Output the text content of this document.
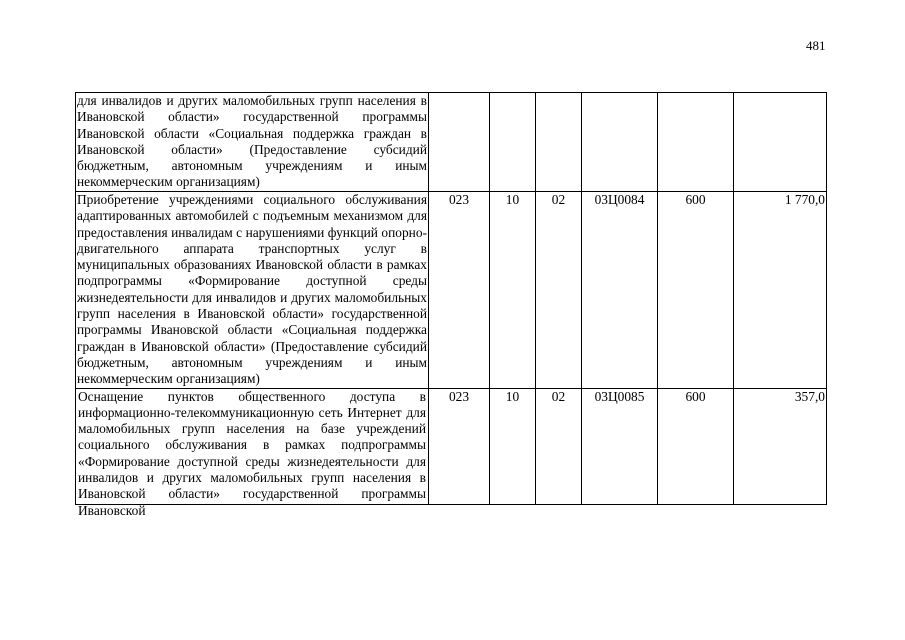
481
для инвалидов и других маломобильных групп населения в Ивановской области» государственной программы Ивановской области «Социальная поддержка граждан в Ивановской области» (Предоставление субсидий бюджетным, автономным учреждениям и иным некоммерческим организациям)						
Приобретение учреждениями социального обслуживания адаптированных автомобилей с подъемным механизмом для предоставления инвалидам с нарушениями функций опорно-двигательного аппарата транспортных услуг в муниципальных образованиях Ивановской области в рамках подпрограммы «Формирование доступной среды жизнедеятельности для инвалидов и других маломобильных групп населения в Ивановской области» государственной программы Ивановской области «Социальная поддержка граждан в Ивановской области» (Предоставление субсидий бюджетным, автономным учреждениям и иным некоммерческим организациям)	023	10	02	03Ц0084	600	1 770,0

Оснащение пунктов общественного доступа в информационно-телекоммуникационную сеть Интернет для маломобильных групп населения на базе учреждений социального обслуживания в рамках подпрограммы «Формирование доступной среды жизнедеятельности для инвалидов и других маломобильных групп населения в Ивановской области» государственной программы Ивановской	023	10	02	03Ц0085	600	357,0
